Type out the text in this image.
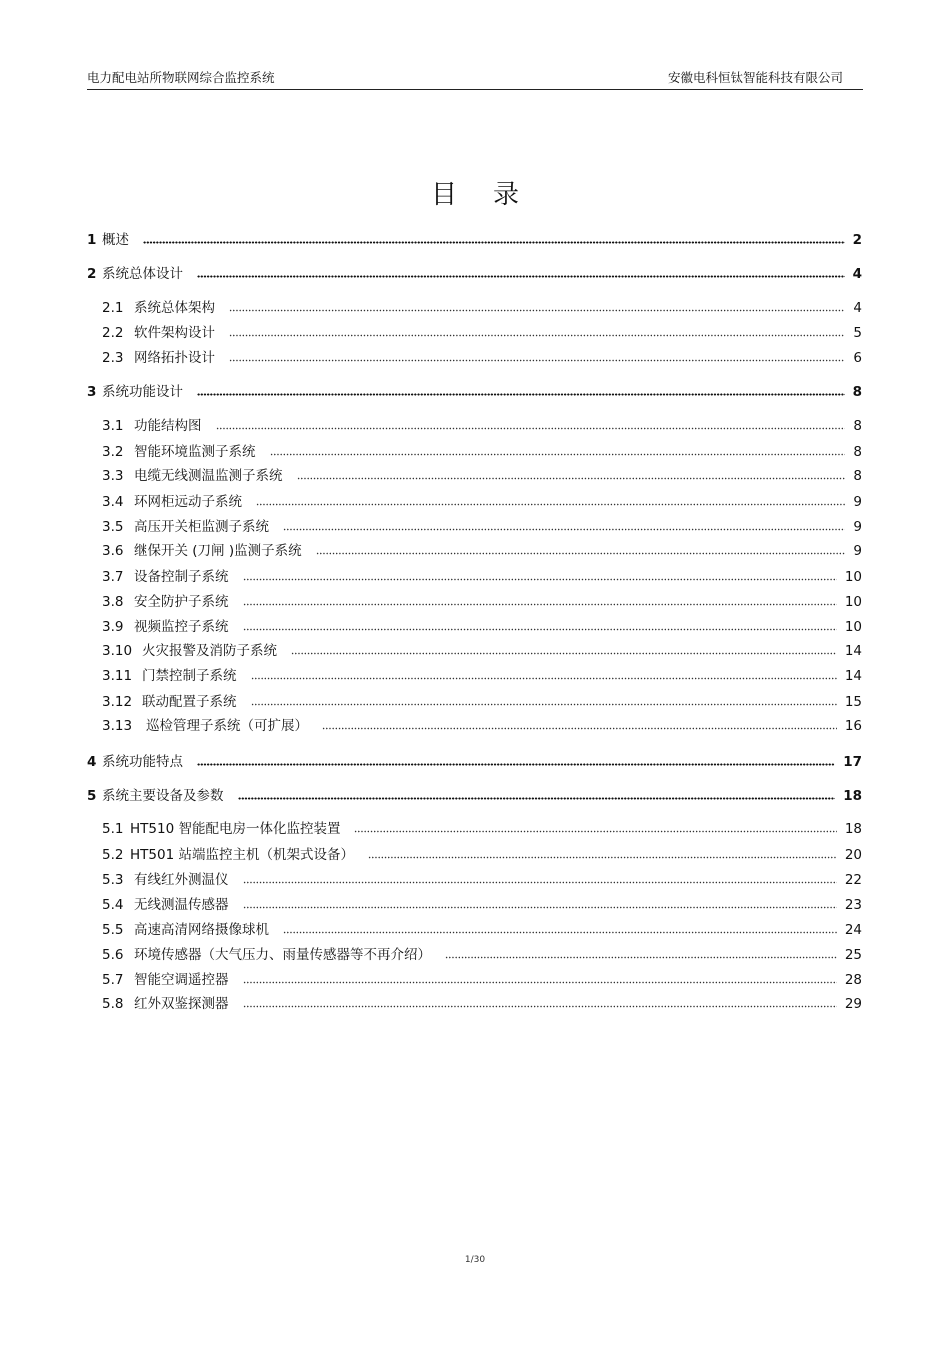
电力配电站所物联网综合监控系统	安徽电科恒钛智能科技有限公司
目录
1 概述	2
2 系统总体设计	4
2.1 系统总体架构	4
2.2 软件架构设计	5
2.3 网络拓扑设计	6
3 系统功能设计	8
3.1 功能结构图	8
3.2 智能环境监测子系统	8
3.3 电缆无线测温监测子系统	8
3.4 环网柜远动子系统	9
3.5 高压开关柜监测子系统	9
3.6 继保开关 (刀闸 )监测子系统	9
3.7 设备控制子系统	10
3.8 安全防护子系统	10
3.9 视频监控子系统	10
3.10 火灾报警及消防子系统	14
3.11 门禁控制子系统	14
3.12 联动配置子系统	15
3.13	巡检管理子系统（可扩展）	16
4 系统功能特点	17
5 系统主要设备及参数	18
5.1 HT510 智能配电房一体化监控装置	18
5.2 HT501 站端监控主机（机架式设备）	20
5.3 有线红外测温仪	22
5.4 无线测温传感器	23
5.5 高速高清网络摄像球机	24
5.6 环境传感器（大气压力、雨量传感器等不再介绍）	25
5.7 智能空调遥控器	28
5.8 红外双鉴探测器	29
1/30
